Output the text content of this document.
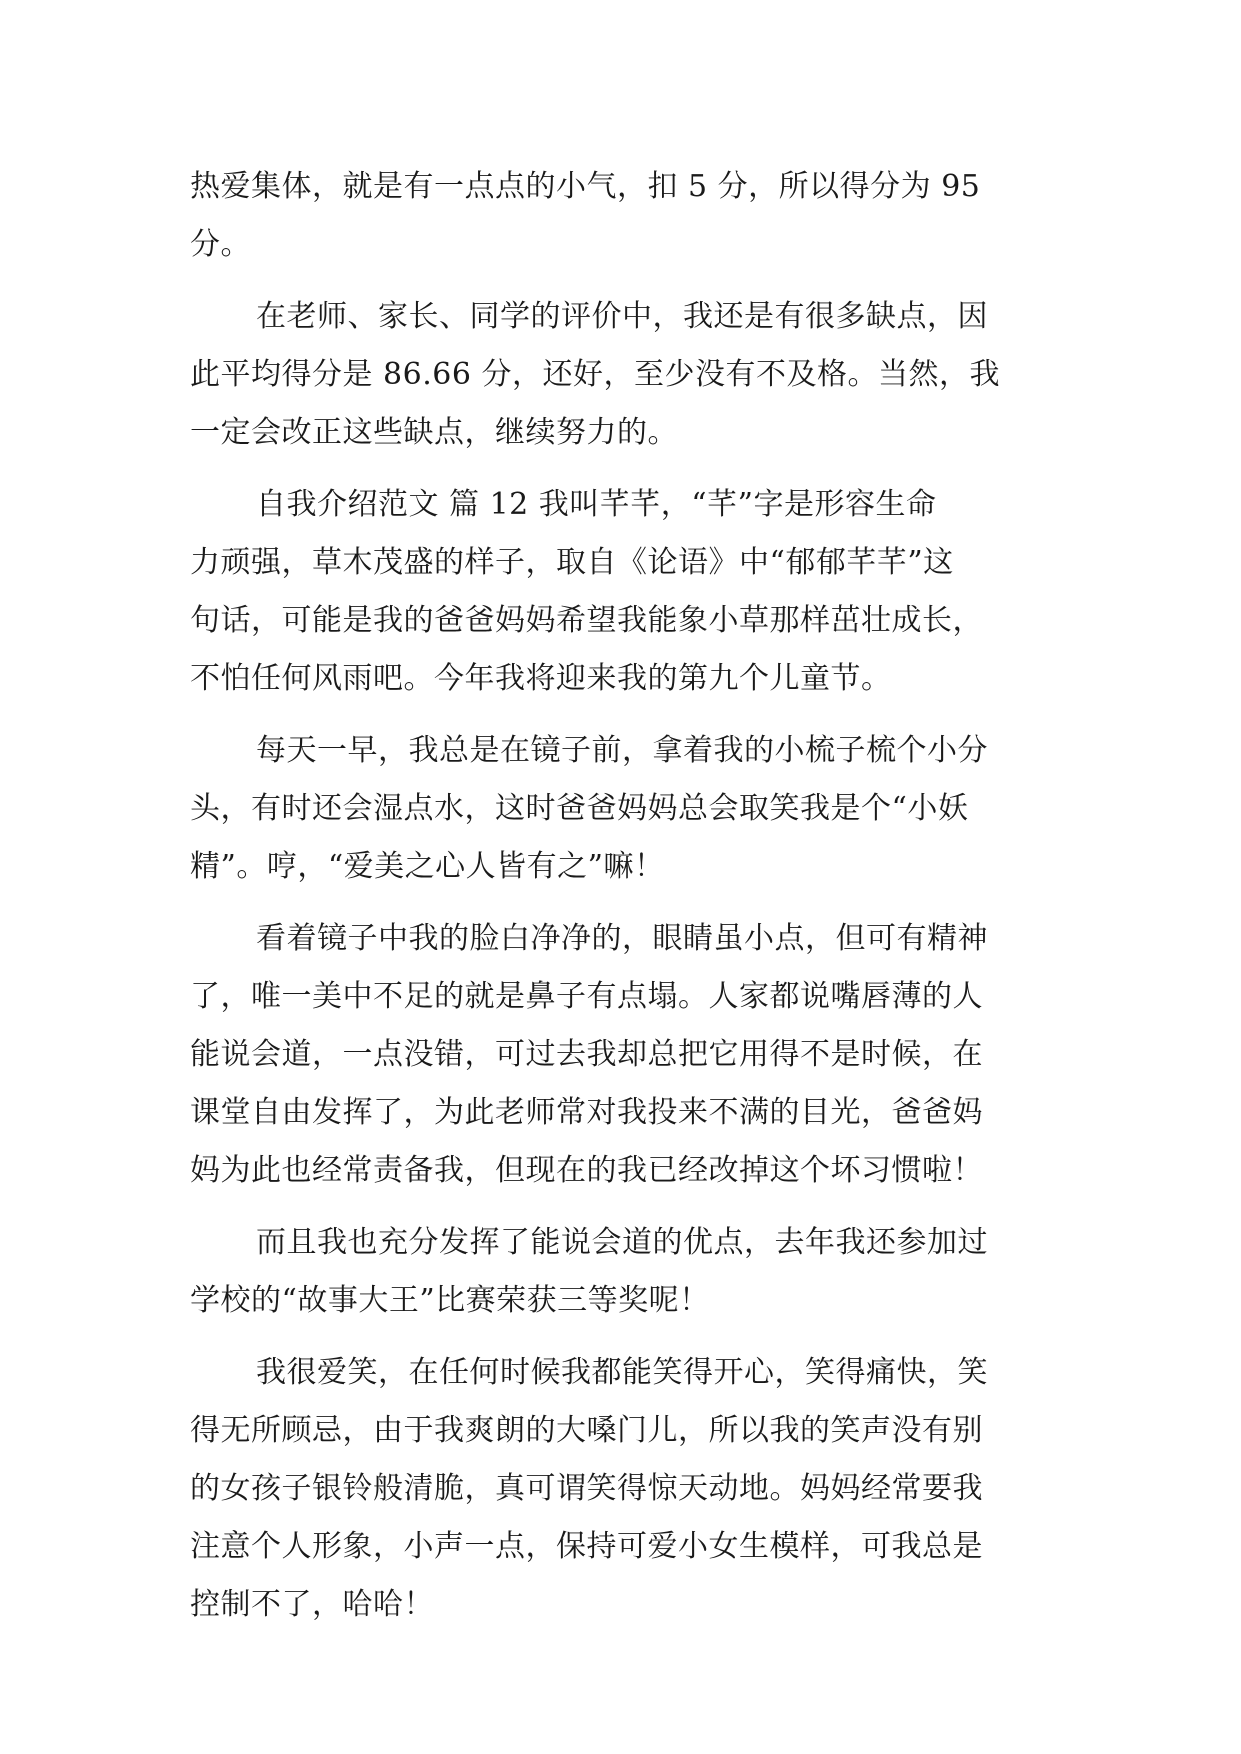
热爱集体，就是有一点点的小气，扣 5 分，所以得分为 95
分。
在老师、家长、同学的评价中，我还是有很多缺点，因
此平均得分是 86.66 分，还好，至少没有不及格。当然，我
一定会改正这些缺点，继续努力的。
自我介绍范文 篇 12 我叫芊芊，“芊”字是形容生命
力顽强，草木茂盛的样子，取自《论语》中“郁郁芊芊”这
句话，可能是我的爸爸妈妈希望我能象小草那样茁壮成长，
不怕任何风雨吧。今年我将迎来我的第九个儿童节。
每天一早，我总是在镜子前，拿着我的小梳子梳个小分
头，有时还会湿点水，这时爸爸妈妈总会取笑我是个“小妖
精”。哼，“爱美之心人皆有之”嘛！
看着镜子中我的脸白净净的，眼睛虽小点，但可有精神
了，唯一美中不足的就是鼻子有点塌。人家都说嘴唇薄的人
能说会道，一点没错，可过去我却总把它用得不是时候，在
课堂自由发挥了，为此老师常对我投来不满的目光，爸爸妈
妈为此也经常责备我，但现在的我已经改掉这个坏习惯啦！
而且我也充分发挥了能说会道的优点，去年我还参加过
学校的“故事大王”比赛荣获三等奖呢！
我很爱笑，在任何时候我都能笑得开心，笑得痛快，笑
得无所顾忌，由于我爽朗的大嗓门儿，所以我的笑声没有别
的女孩子银铃般清脆，真可谓笑得惊天动地。妈妈经常要我
注意个人形象，小声一点，保持可爱小女生模样，可我总是
控制不了，哈哈！
